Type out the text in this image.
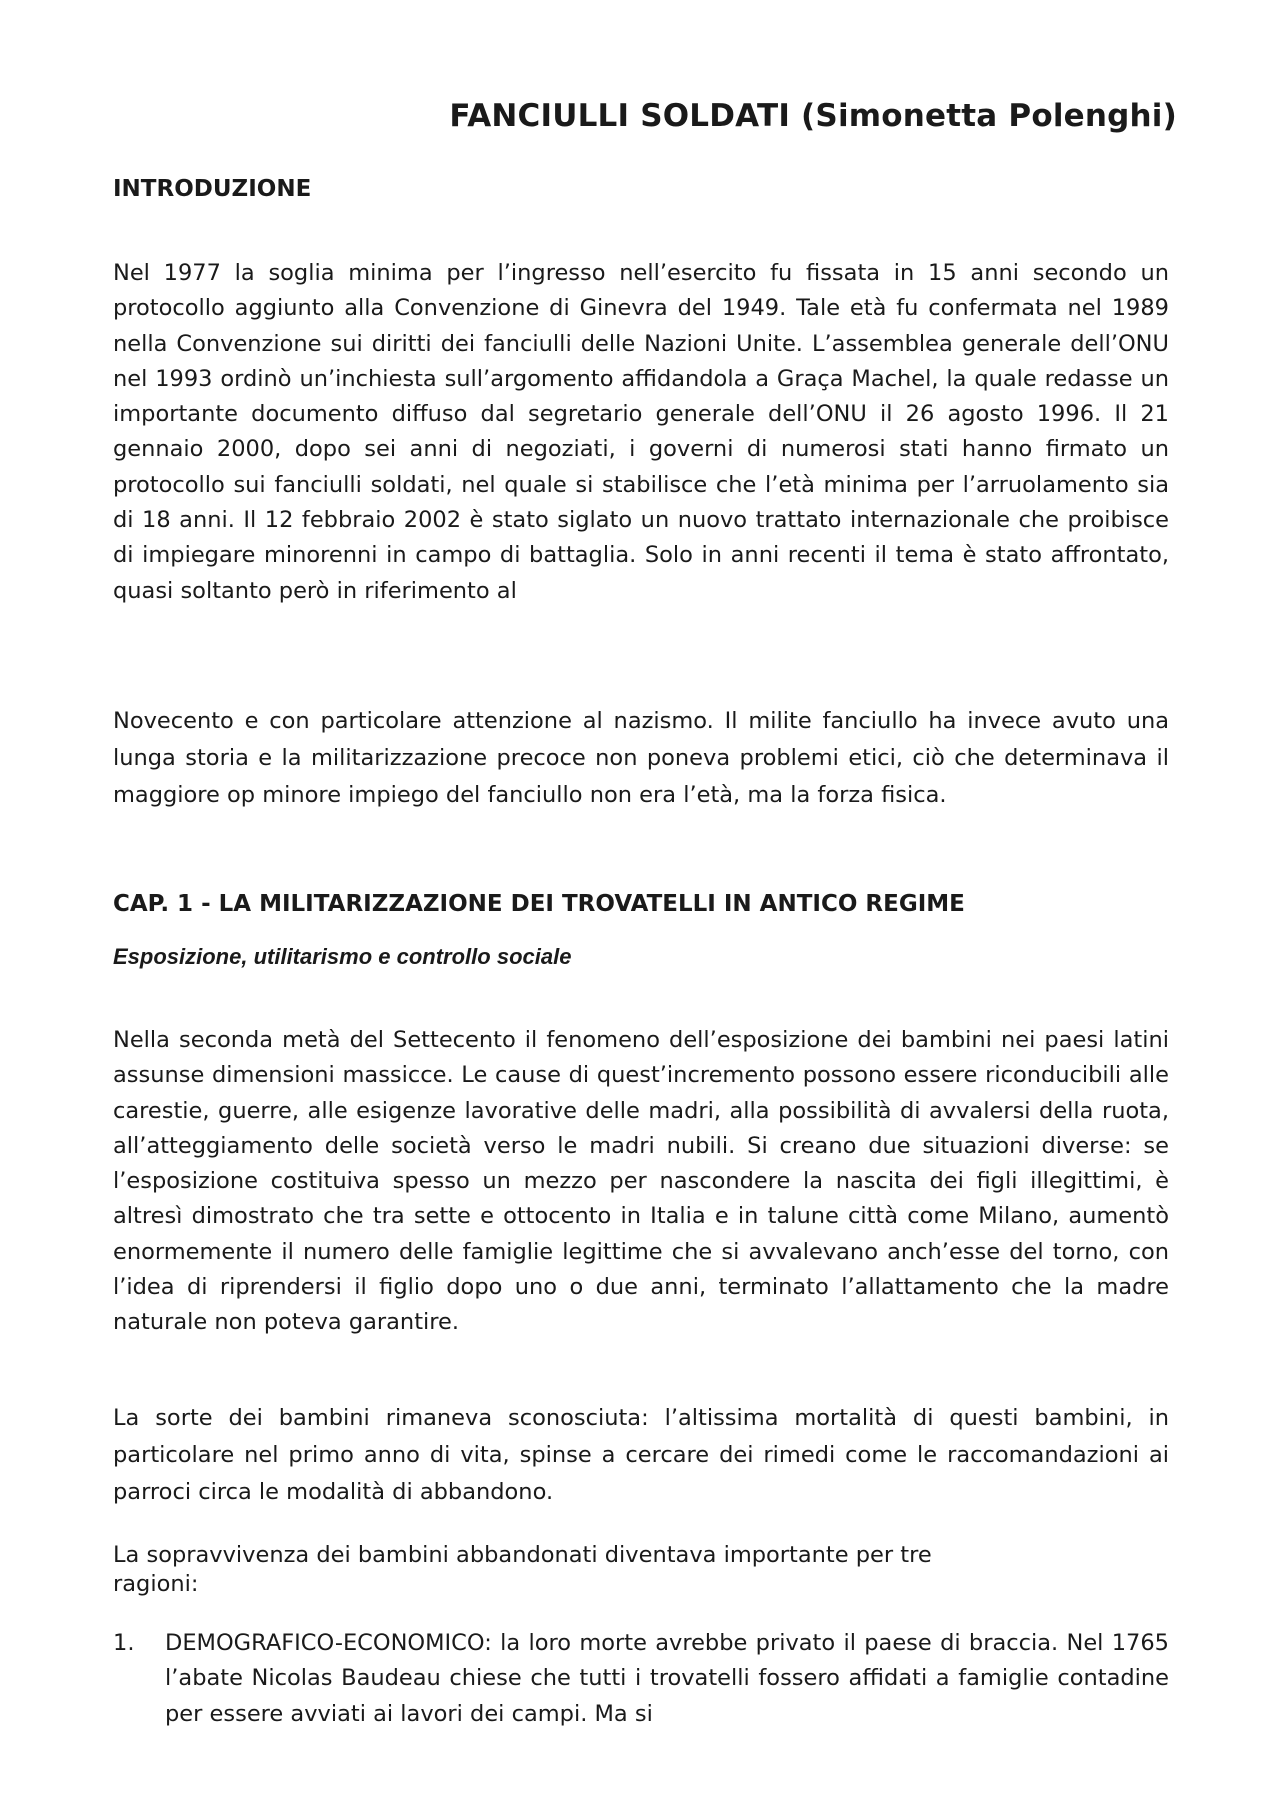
FANCIULLI SOLDATI (Simonetta Polenghi)
INTRODUZIONE

Nel 1977 la soglia minima per l’ingresso nell’esercito fu fissata in 15 anni secondo un protocollo aggiunto alla Convenzione di Ginevra del 1949. Tale età fu confermata nel 1989 nella Convenzione sui diritti dei fanciulli delle Nazioni Unite. L’assemblea generale dell’ONU nel 1993 ordinò un’inchiesta sull’argomento affidandola a Graça Machel, la quale redasse un importante documento diffuso dal segretario generale dell’ONU il 26 agosto 1996. Il 21 gennaio 2000, dopo sei anni di negoziati, i governi di numerosi stati hanno firmato un protocollo sui fanciulli soldati, nel quale si stabilisce che l’età minima per l’arruolamento sia di 18 anni. Il 12 febbraio 2002 è stato siglato un nuovo trattato internazionale che proibisce di impiegare minorenni in campo di battaglia. Solo in anni recenti il tema è stato affrontato, quasi soltanto però in riferimento al

Novecento e con particolare attenzione al nazismo. Il milite fanciullo ha invece avuto una lunga storia e la militarizzazione precoce non poneva problemi etici, ciò che determinava il maggiore op minore impiego del fanciullo non era l’età, ma la forza fisica.

CAP. 1 - LA MILITARIZZAZIONE DEI TROVATELLI IN ANTICO REGIME
Esposizione, utilitarismo e controllo sociale

Nella seconda metà del Settecento il fenomeno dell’esposizione dei bambini nei paesi latini assunse dimensioni massicce. Le cause di quest’incremento possono essere riconducibili alle carestie, guerre, alle esigenze lavorative delle madri, alla possibilità di avvalersi della ruota, all’atteggiamento delle società verso le madri nubili. Si creano due situazioni diverse: se l’esposizione costituiva spesso un mezzo per nascondere la nascita dei figli illegittimi, è altresì dimostrato che tra sette e ottocento in Italia e in talune città come Milano, aumentò enormemente il numero delle famiglie legittime che si avvalevano anch’esse del torno, con l’idea di riprendersi il figlio dopo uno o due anni, terminato l’allattamento che la madre naturale non poteva garantire.

La sorte dei bambini rimaneva sconosciuta: l’altissima mortalità di questi bambini, in particolare nel primo anno di vita, spinse a cercare dei rimedi come le raccomandazioni ai parroci circa le modalità di abbandono.

La sopravvivenza dei bambini abbandonati diventava importante per tre ragioni:

1. DEMOGRAFICO-ECONOMICO: la loro morte avrebbe privato il paese di braccia. Nel 1765 l’abate Nicolas Baudeau chiese che tutti i trovatelli fossero affidati a famiglie contadine per essere avviati ai lavori dei campi. Ma si
